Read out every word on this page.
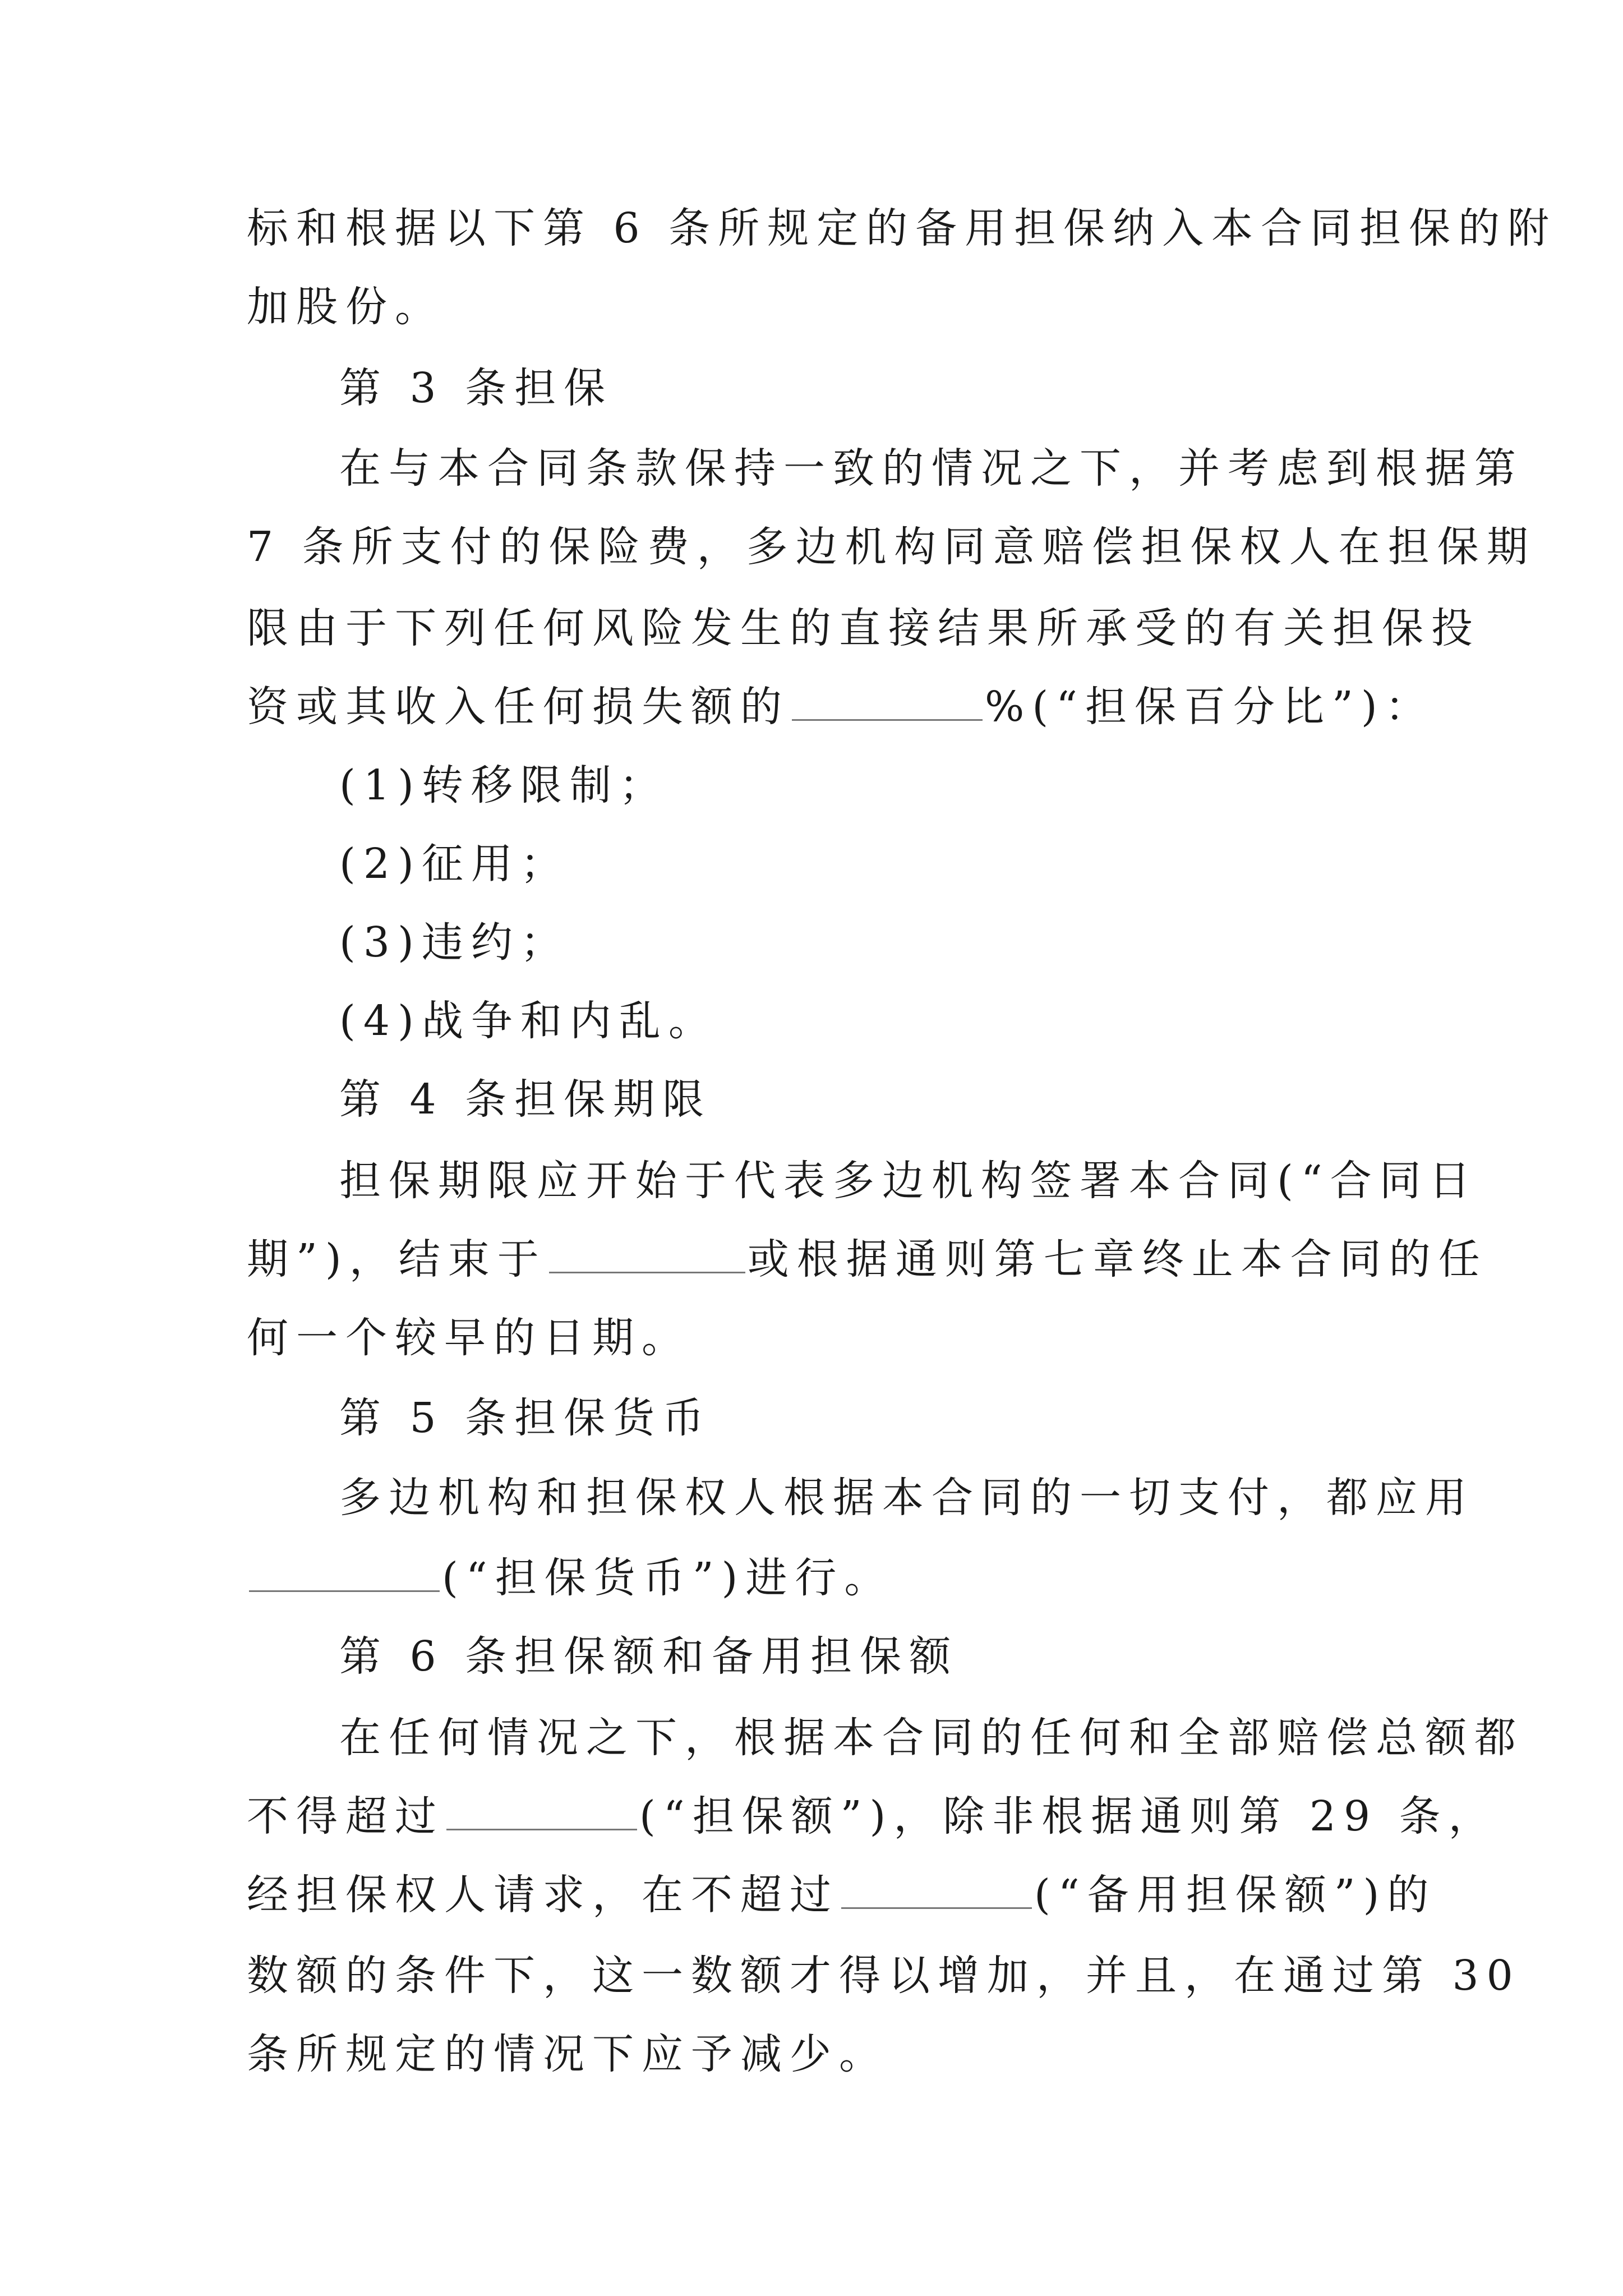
标和根据以下第 6 条所规定的备用担保纳入本合同担保的附
加股份。
第 3 条担保
在与本合同条款保持一致的情况之下，并考虑到根据第
7 条所支付的保险费，多边机构同意赔偿担保权人在担保期
限由于下列任何风险发生的直接结果所承受的有关担保投
资或其收入任何损失额的	%(“担保百分比”)：
(1)转移限制；
(2)征用；
(3)违约；
(4)战争和内乱。
第 4 条担保期限
担保期限应开始于代表多边机构签署本合同(“合同日
期”)，结束于	或根据通则第七章终止本合同的任
何一个较早的日期。
第 5 条担保货币
多边机构和担保权人根据本合同的一切支付，都应用
(“担保货币”)进行。
第 6 条担保额和备用担保额
在任何情况之下，根据本合同的任何和全部赔偿总额都
不得超过	(“担保额”)，除非根据通则第 29 条，
经担保权人请求，在不超过	(“备用担保额”)的
数额的条件下，这一数额才得以增加，并且，在通过第 30
条所规定的情况下应予减少。
